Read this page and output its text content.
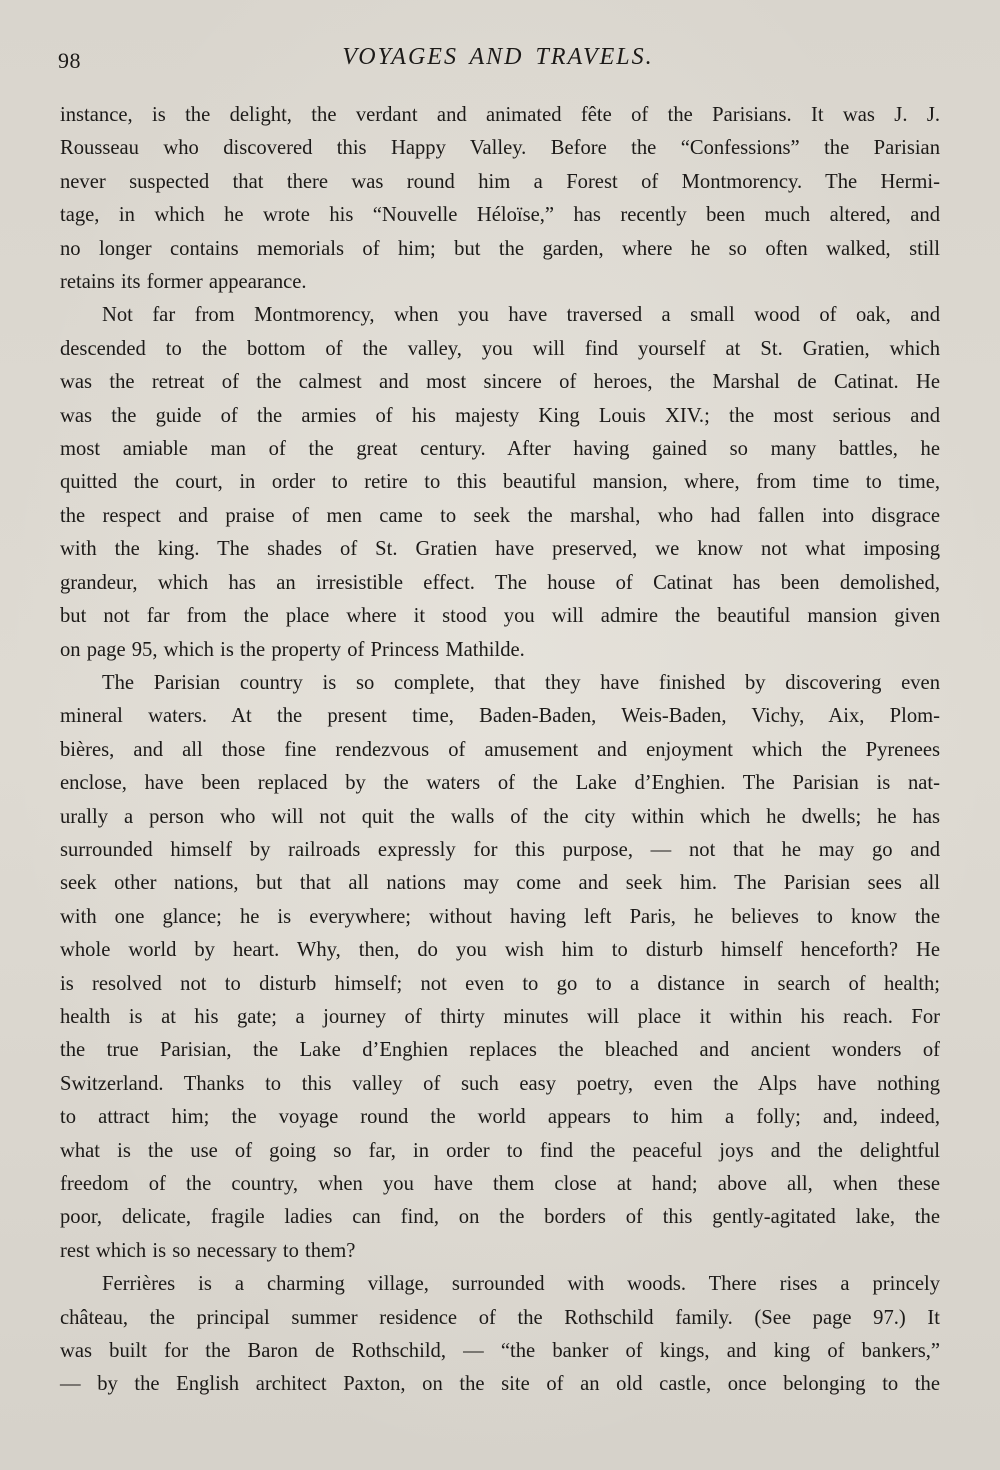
98	VOYAGES AND TRAVELS.
instance, is the delight, the verdant and animated fête of the Parisians. It was J. J.
Rousseau who discovered this Happy Valley. Before the “Confessions” the Parisian
never suspected that there was round him a Forest of Montmorency. The Hermi-
tage, in which he wrote his “Nouvelle Héloïse,” has recently been much altered, and
no longer contains memorials of him; but the garden, where he so often walked, still
retains its former appearance.
Not far from Montmorency, when you have traversed a small wood of oak, and
descended to the bottom of the valley, you will find yourself at St. Gratien, which
was the retreat of the calmest and most sincere of heroes, the Marshal de Catinat. He
was the guide of the armies of his majesty King Louis XIV.; the most serious and
most amiable man of the great century. After having gained so many battles, he
quitted the court, in order to retire to this beautiful mansion, where, from time to time,
the respect and praise of men came to seek the marshal, who had fallen into disgrace
with the king. The shades of St. Gratien have preserved, we know not what imposing
grandeur, which has an irresistible effect. The house of Catinat has been demolished,
but not far from the place where it stood you will admire the beautiful mansion given
on page 95, which is the property of Princess Mathilde.
The Parisian country is so complete, that they have finished by discovering even
mineral waters. At the present time, Baden-Baden, Weis-Baden, Vichy, Aix, Plom-
bières, and all those fine rendezvous of amusement and enjoyment which the Pyrenees
enclose, have been replaced by the waters of the Lake d’Enghien. The Parisian is nat-
urally a person who will not quit the walls of the city within which he dwells; he has
surrounded himself by railroads expressly for this purpose, — not that he may go and
seek other nations, but that all nations may come and seek him. The Parisian sees all
with one glance; he is everywhere; without having left Paris, he believes to know the
whole world by heart. Why, then, do you wish him to disturb himself henceforth? He
is resolved not to disturb himself; not even to go to a distance in search of health;
health is at his gate; a journey of thirty minutes will place it within his reach. For
the true Parisian, the Lake d’Enghien replaces the bleached and ancient wonders of
Switzerland. Thanks to this valley of such easy poetry, even the Alps have nothing
to attract him; the voyage round the world appears to him a folly; and, indeed,
what is the use of going so far, in order to find the peaceful joys and the delightful
freedom of the country, when you have them close at hand; above all, when these
poor, delicate, fragile ladies can find, on the borders of this gently-agitated lake, the
rest which is so necessary to them?
Ferrières is a charming village, surrounded with woods. There rises a princely
château, the principal summer residence of the Rothschild family. (See page 97.) It
was built for the Baron de Rothschild, — “the banker of kings, and king of bankers,”
— by the English architect Paxton, on the site of an old castle, once belonging to the
